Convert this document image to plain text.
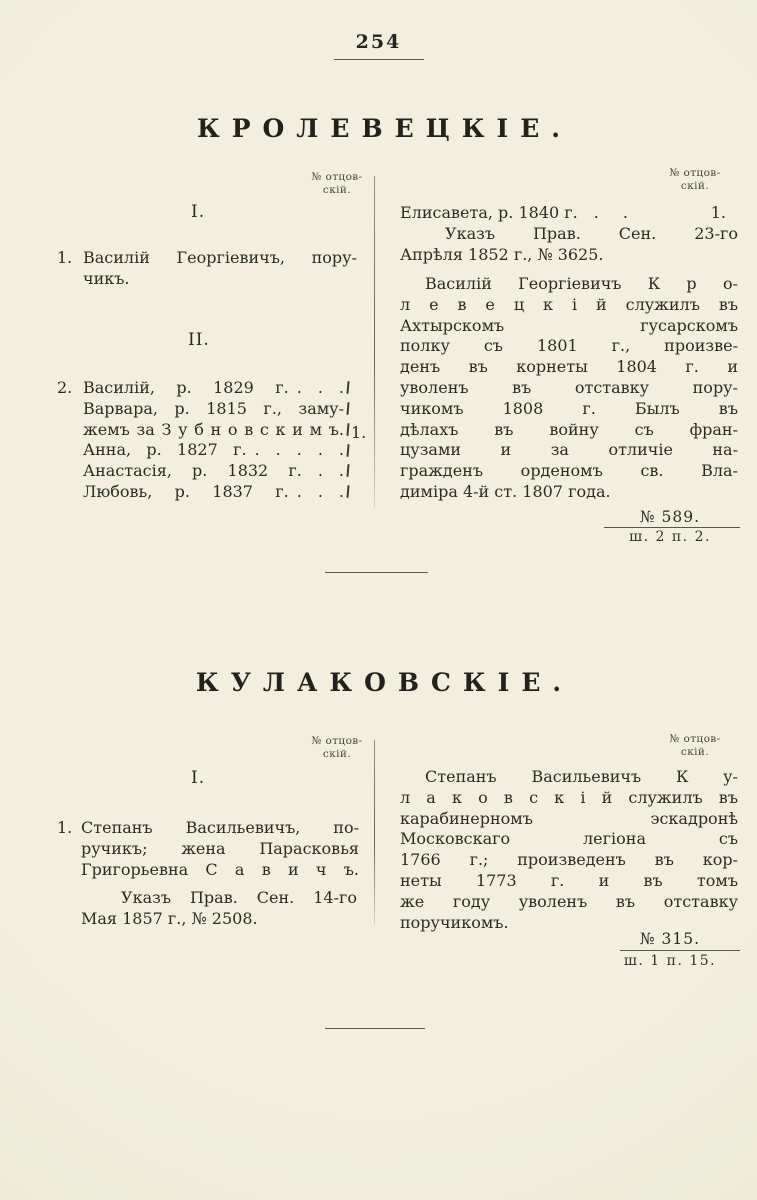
254
КРОЛЕВЕЦКІЕ.
№ отцов-
скій.
№ отцов-
скій.
I.
1. Василій Георгіевичъ, пору-
чикъ.
II.
2. Василій, р. 1829 г. .  .  .
Варвара, р. 1815 г., заму-
жемъ за З у б н о в с к и м ъ.
Анна, р. 1827 г. .  .  .  .  .
Анастасія, р. 1832 г.  .  .
Любовь, р. 1837 г. .  .  .
1.
Елисавета, р. 1840 г.  .   .	1.
Указъ Прав. Сен. 23-го
Апрѣля 1852 г., № 3625.
Василій Георгіевичъ К р о-
л е в е ц к і й служилъ въ
Ахтырскомъ гусарскомъ
полку съ 1801 г., произве-
денъ въ корнеты 1804 г. и
уволенъ въ отставку пору-
чикомъ 1808 г. Былъ въ
дѣлахъ въ войну съ фран-
цузами и за отличіе на-
гражденъ орденомъ св. Вла-
диміра 4-й ст. 1807 года.
№ 589.
ш. 2 п. 2.
КУЛАКОВСКІЕ.
№ отцов-
скій.
№ отцов-
скій.
I.
1. Степанъ Васильевичъ, по-
ручикъ; жена Парасковья
Григорьевна С а в и ч ъ.
Указъ Прав. Сен. 14-го
Мая 1857 г., № 2508.
Степанъ Васильевичъ К у-
л а к о в с к і й служилъ въ
карабинерномъ эскадронѣ
Московскаго легіона съ
1766 г.; произведенъ въ кор-
неты 1773 г. и въ томъ
же году уволенъ въ отставку
поручикомъ.
№ 315.
ш. 1 п. 15.
